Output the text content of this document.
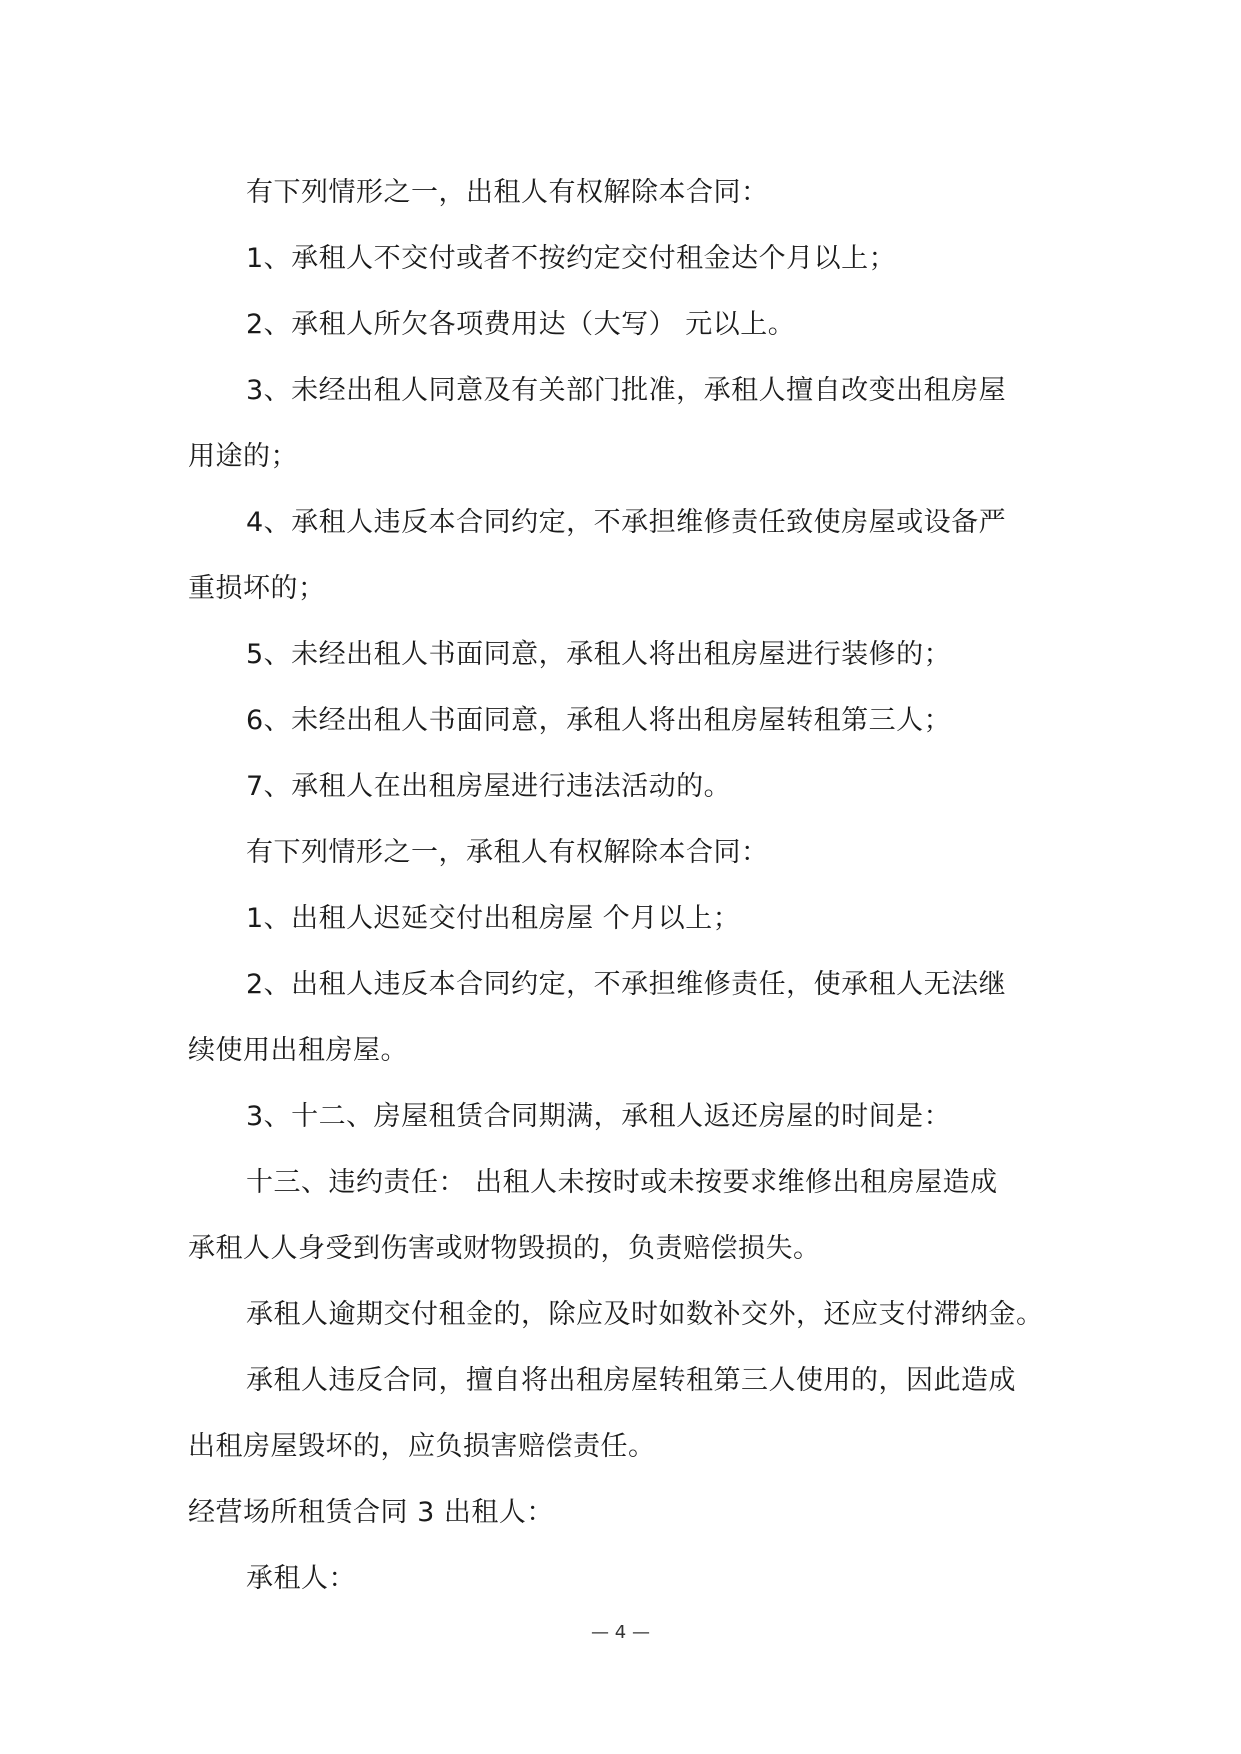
有下列情形之一，出租人有权解除本合同：
1、承租人不交付或者不按约定交付租金达个月以上；
2、承租人所欠各项费用达（大写） 元以上。
3、未经出租人同意及有关部门批准，承租人擅自改变出租房屋
用途的；
4、承租人违反本合同约定，不承担维修责任致使房屋或设备严
重损坏的；
5、未经出租人书面同意，承租人将出租房屋进行装修的；
6、未经出租人书面同意，承租人将出租房屋转租第三人；
7、承租人在出租房屋进行违法活动的。
有下列情形之一，承租人有权解除本合同：
1、出租人迟延交付出租房屋 个月以上；
2、出租人违反本合同约定，不承担维修责任，使承租人无法继
续使用出租房屋。
3、十二、房屋租赁合同期满，承租人返还房屋的时间是：
十三、违约责任： 出租人未按时或未按要求维修出租房屋造成
承租人人身受到伤害或财物毁损的，负责赔偿损失。
承租人逾期交付租金的，除应及时如数补交外，还应支付滞纳金。
承租人违反合同，擅自将出租房屋转租第三人使用的，因此造成
出租房屋毁坏的，应负损害赔偿责任。
经营场所租赁合同 3 出租人：
承租人：
— 4 —
